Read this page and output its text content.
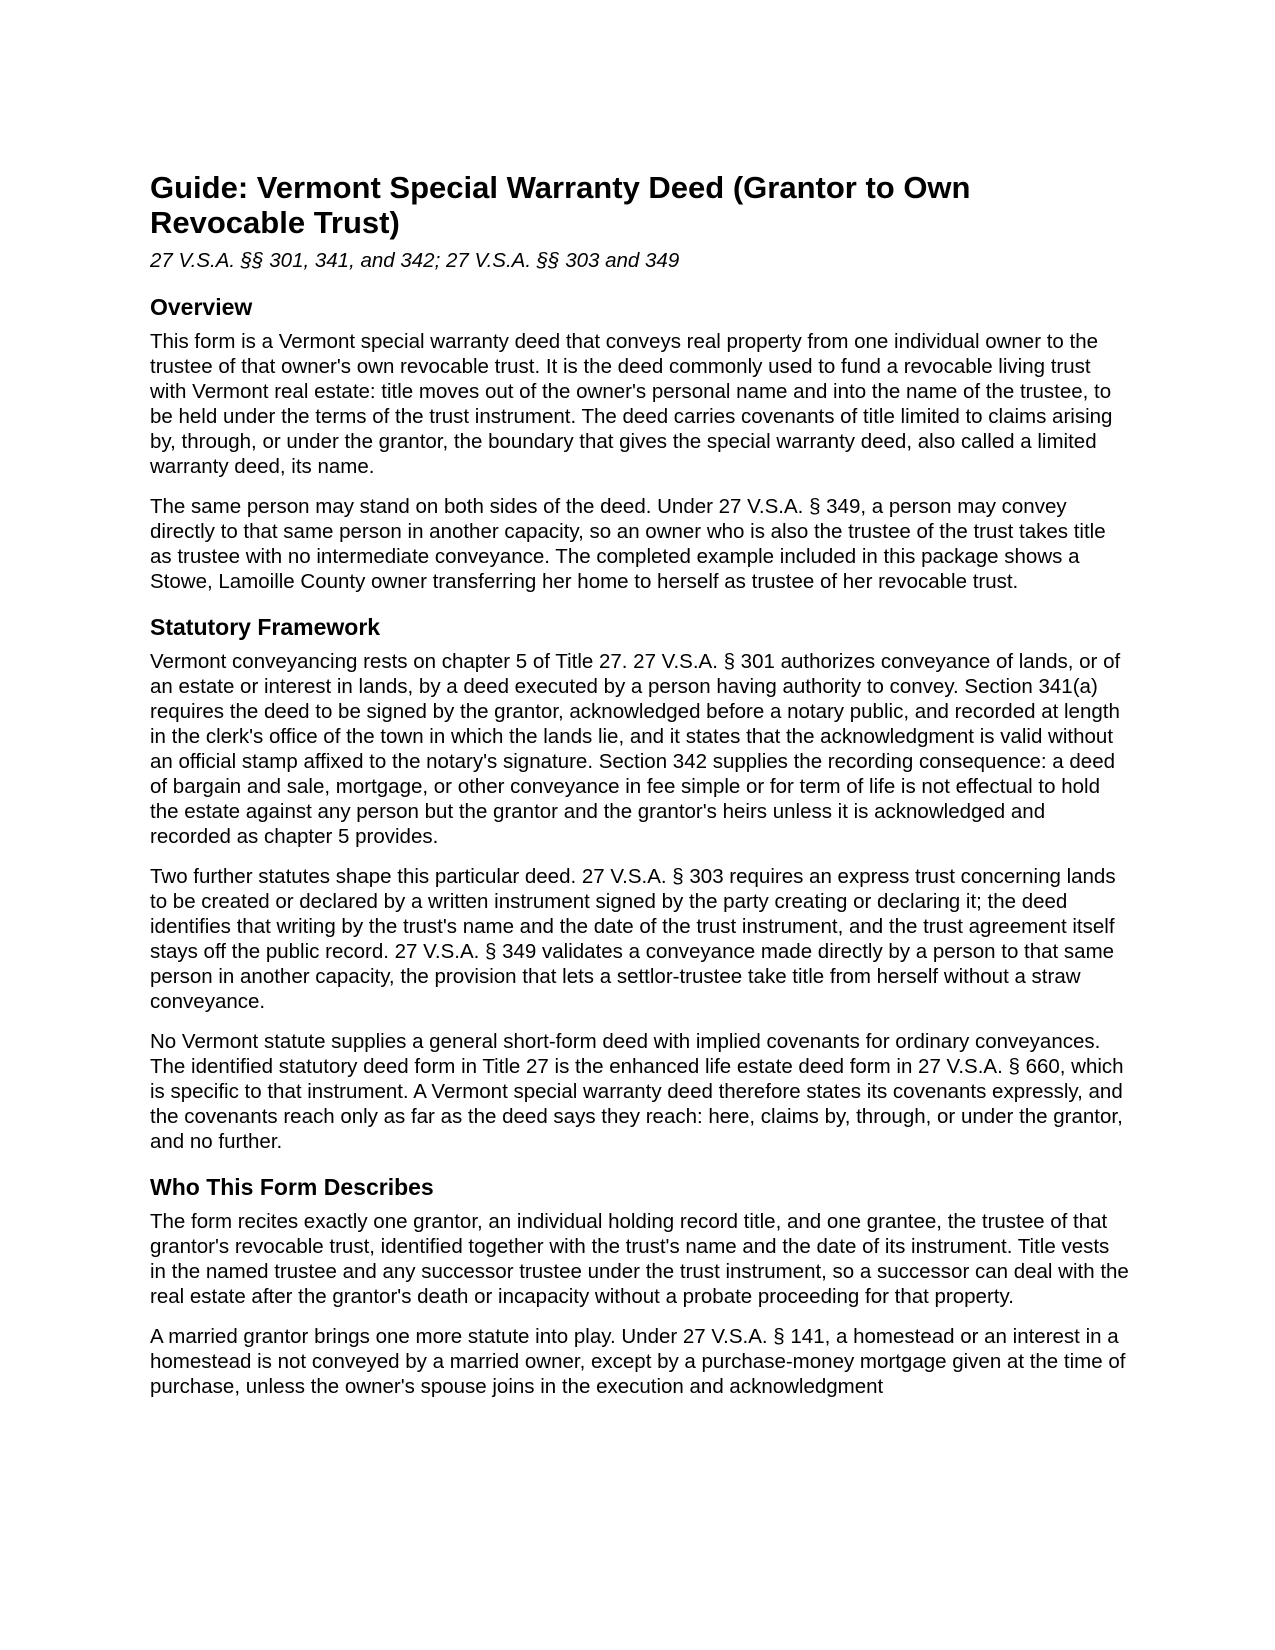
Guide: Vermont Special Warranty Deed (Grantor to Own Revocable Trust)
27 V.S.A. §§ 301, 341, and 342; 27 V.S.A. §§ 303 and 349
Overview

This form is a Vermont special warranty deed that conveys real property from one individual owner to the trustee of that owner's own revocable trust. It is the deed commonly used to fund a revocable living trust with Vermont real estate: title moves out of the owner's personal name and into the name of the trustee, to be held under the terms of the trust instrument. The deed carries covenants of title limited to claims arising by, through, or under the grantor, the boundary that gives the special warranty deed, also called a limited warranty deed, its name.

The same person may stand on both sides of the deed. Under 27 V.S.A. § 349, a person may convey directly to that same person in another capacity, so an owner who is also the trustee of the trust takes title as trustee with no intermediate conveyance. The completed example included in this package shows a Stowe, Lamoille County owner transferring her home to herself as trustee of her revocable trust.

Statutory Framework

Vermont conveyancing rests on chapter 5 of Title 27. 27 V.S.A. § 301 authorizes conveyance of lands, or of an estate or interest in lands, by a deed executed by a person having authority to convey. Section 341(a) requires the deed to be signed by the grantor, acknowledged before a notary public, and recorded at length in the clerk's office of the town in which the lands lie, and it states that the acknowledgment is valid without an official stamp affixed to the notary's signature. Section 342 supplies the recording consequence: a deed of bargain and sale, mortgage, or other conveyance in fee simple or for term of life is not effectual to hold the estate against any person but the grantor and the grantor's heirs unless it is acknowledged and recorded as chapter 5 provides.

Two further statutes shape this particular deed. 27 V.S.A. § 303 requires an express trust concerning lands to be created or declared by a written instrument signed by the party creating or declaring it; the deed identifies that writing by the trust's name and the date of the trust instrument, and the trust agreement itself stays off the public record. 27 V.S.A. § 349 validates a conveyance made directly by a person to that same person in another capacity, the provision that lets a settlor-trustee take title from herself without a straw conveyance.

No Vermont statute supplies a general short-form deed with implied covenants for ordinary conveyances. The identified statutory deed form in Title 27 is the enhanced life estate deed form in 27 V.S.A. § 660, which is specific to that instrument. A Vermont special warranty deed therefore states its covenants expressly, and the covenants reach only as far as the deed says they reach: here, claims by, through, or under the grantor, and no further.

Who This Form Describes

The form recites exactly one grantor, an individual holding record title, and one grantee, the trustee of that grantor's revocable trust, identified together with the trust's name and the date of its instrument. Title vests in the named trustee and any successor trustee under the trust instrument, so a successor can deal with the real estate after the grantor's death or incapacity without a probate proceeding for that property.

A married grantor brings one more statute into play. Under 27 V.S.A. § 141, a homestead or an interest in a homestead is not conveyed by a married owner, except by a purchase-money mortgage given at the time of purchase, unless the owner's spouse joins in the execution and acknowledgment
